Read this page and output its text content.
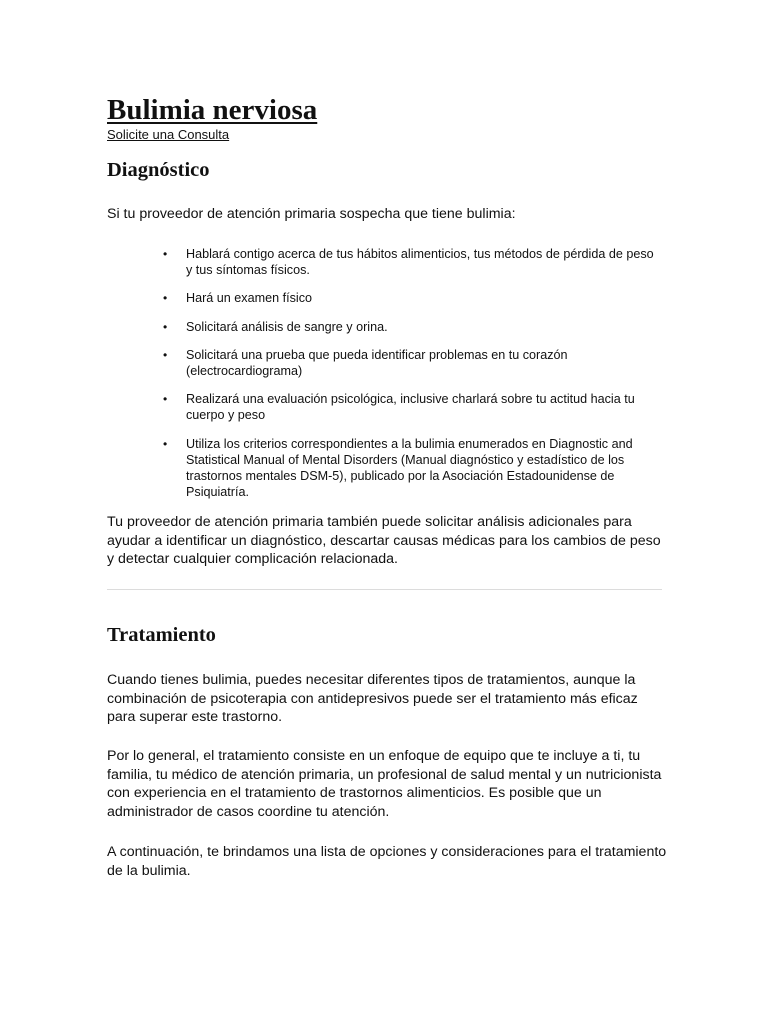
Bulimia nerviosa
Solicite una Consulta
Diagnóstico

Si tu proveedor de atención primaria sospecha que tiene bulimia:

• Hablará contigo acerca de tus hábitos alimenticios, tus métodos de pérdida de peso y tus síntomas físicos.
• Hará un examen físico
• Solicitará análisis de sangre y orina.
• Solicitará una prueba que pueda identificar problemas en tu corazón (electrocardiograma)
• Realizará una evaluación psicológica, inclusive charlará sobre tu actitud hacia tu cuerpo y peso
• Utiliza los criterios correspondientes a la bulimia enumerados en Diagnostic and Statistical Manual of Mental Disorders (Manual diagnóstico y estadístico de los trastornos mentales DSM-5), publicado por la Asociación Estadounidense de Psiquiatría.

Tu proveedor de atención primaria también puede solicitar análisis adicionales para ayudar a identificar un diagnóstico, descartar causas médicas para los cambios de peso y detectar cualquier complicación relacionada.

Tratamiento

Cuando tienes bulimia, puedes necesitar diferentes tipos de tratamientos, aunque la combinación de psicoterapia con antidepresivos puede ser el tratamiento más eficaz para superar este trastorno.

Por lo general, el tratamiento consiste en un enfoque de equipo que te incluye a ti, tu familia, tu médico de atención primaria, un profesional de salud mental y un nutricionista con experiencia en el tratamiento de trastornos alimenticios. Es posible que un administrador de casos coordine tu atención.

A continuación, te brindamos una lista de opciones y consideraciones para el tratamiento de la bulimia.
